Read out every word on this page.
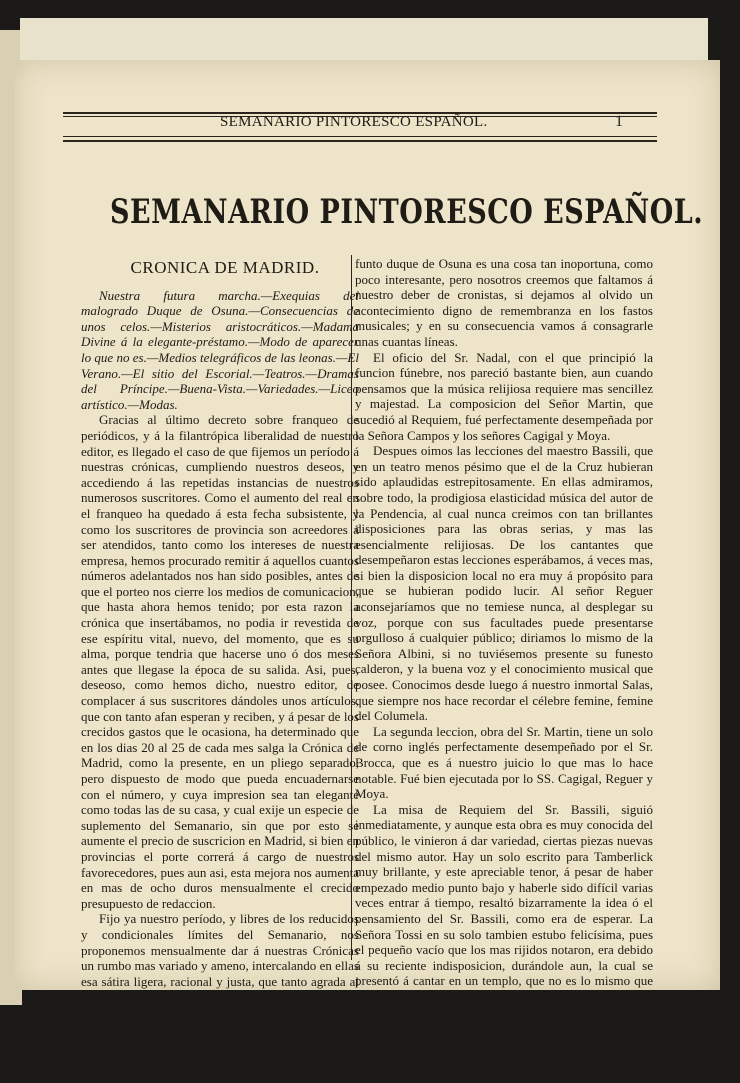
SEMANARIO PINTORESCO ESPAÑOL.	1
SEMANARIO PINTORESCO ESPAÑOL.
CRONICA DE MADRID.

Nuestra futura marcha.—Exequias del malogrado Duque de Osuna.—Consecuencias de unos celos.—Misterios aristocráticos.—Madama Divine á la elegante-préstamo.—Modo de aparecer lo que no es.—Medios telegráficos de las leonas.—El Verano.—El sitio del Escorial.—Teatros.—Dramas del Príncipe.—Buena-Vista.—Variedades.—Liceo artístico.—Modas.

Gracias al último decreto sobre franqueo de periódicos, y á la filantrópica liberalidad de nuestro editor, es llegado el caso de que fijemos un período á nuestras crónicas, cumpliendo nuestros deseos, y accediendo á las repetidas instancias de nuestros numerosos suscritores. Como el aumento del real en el franqueo ha quedado á esta fecha subsistente, y como los suscritores de provincia son acreedores á ser atendidos, tanto como los intereses de nuestra empresa, hemos procurado remitir á aquellos cuantos números adelantados nos han sido posibles, antes de que el porteo nos cierre los medios de comunicacion, que hasta ahora hemos tenido; por esta razon la crónica que insertábamos, no podia ir revestida de ese espíritu vital, nuevo, del momento, que es su alma, porque tendria que hacerse uno ó dos meses antes que llegase la época de su salida. Asi, pues, deseoso, como hemos dicho, nuestro editor, de complacer á sus suscritores dándoles unos artículos, que con tanto afan esperan y reciben, y á pesar de los crecidos gastos que le ocasiona, ha determinado que en los dias 20 al 25 de cada mes salga la Crónica de Madrid, como la presente, en un pliego separado, pero dispuesto de modo que pueda encuadernarse con el número, y cuya impresion sea tan elegante como todas las de su casa, y cual exije un especie de suplemento del Semanario, sin que por esto se aumente el precio de suscricion en Madrid, si bien en provincias el porte correrá á cargo de nuestros favorecedores, pues aun asi, esta mejora nos aumenta en mas de ocho duros mensualmente el crecido presupuesto de redaccion.

Fijo ya nuestro período, y libres de los reducidos y condicionales límites del Semanario, nos proponemos mensualmente dar á nuestras Crónicas un rumbo mas variado y ameno, intercalando en ellas esa sátira ligera, racional y justa, que tanto agrada al ilustrado público, y que procuraremos desempeñar de modo que cumpla á los deseos de nuestros galantes lectores. Desde hoy comenzamos nuestra época regeneradora.

Podrá decirse que hablar de las exequias del di-

Suplemento al número 38.

funto duque de Osuna es una cosa tan inoportuna, como poco interesante, pero nosotros creemos que faltamos á nuestro deber de cronistas, si dejamos al olvido un acontecimiento digno de remembranza en los fastos musicales; y en su consecuencia vamos á consagrarle unas cuantas líneas.

El oficio del Sr. Nadal, con el que principió la funcion fúnebre, nos pareció bastante bien, aun cuando pensamos que la música relijiosa requiere mas sencillez y majestad. La composicion del Señor Martin, que sucedió al Requiem, fué perfectamente desempeñada por la Señora Campos y los señores Cagigal y Moya.

Despues oimos las lecciones del maestro Bassili, que en un teatro menos pésimo que el de la Cruz hubieran sido aplaudidas estrepitosamente. En ellas admiramos, sobre todo, la prodigiosa elasticidad música del autor de la Pendencia, al cual nunca creimos con tan brillantes disposiciones para las obras serias, y mas las esencialmente relijiosas. De los cantantes que desempeñaron estas lecciones esperábamos, á veces mas, si bien la disposicion local no era muy á propósito para que se hubieran podido lucir. Al señor Reguer aconsejaríamos que no temiese nunca, al desplegar su voz, porque con sus facultades puede presentarse orgulloso á cualquier público; diriamos lo mismo de la Señora Albini, si no tuviésemos presente su funesto calderon, y la buena voz y el conocimiento musical que posee. Conocimos desde luego á nuestro inmortal Salas, que siempre nos hace recordar el célebre femine, femine del Columela.

La segunda leccion, obra del Sr. Martin, tiene un solo de corno inglés perfectamente desempeñado por el Sr. Brocca, que es á nuestro juicio lo que mas lo hace notable. Fué bien ejecutada por lo SS. Cagigal, Reguer y Moya.

La misa de Requiem del Sr. Bassili, siguió inmediatamente, y aunque esta obra es muy conocida del público, le vinieron á dar variedad, ciertas piezas nuevas del mismo autor. Hay un solo escrito para Tamberlick muy brillante, y este apreciable tenor, á pesar de haber empezado medio punto bajo y haberle sido difícil varias veces entrar á tiempo, resaltó bizarramente la idea ó el pensamiento del Sr. Bassili, como era de esperar. La Señora Tossi en su solo tambien estubo felicísima, pues el pequeño vacío que los mas rijidos notaron, era debido á su reciente indisposicion, durándole aun, la cual se presentó á cantar en un templo, que no es lo mismo que un teatro para el cantante de oficio.

La orquesta merece elojios, y sino estuviésemos dispuestos á ser con todos induljentes, algo podríamos
